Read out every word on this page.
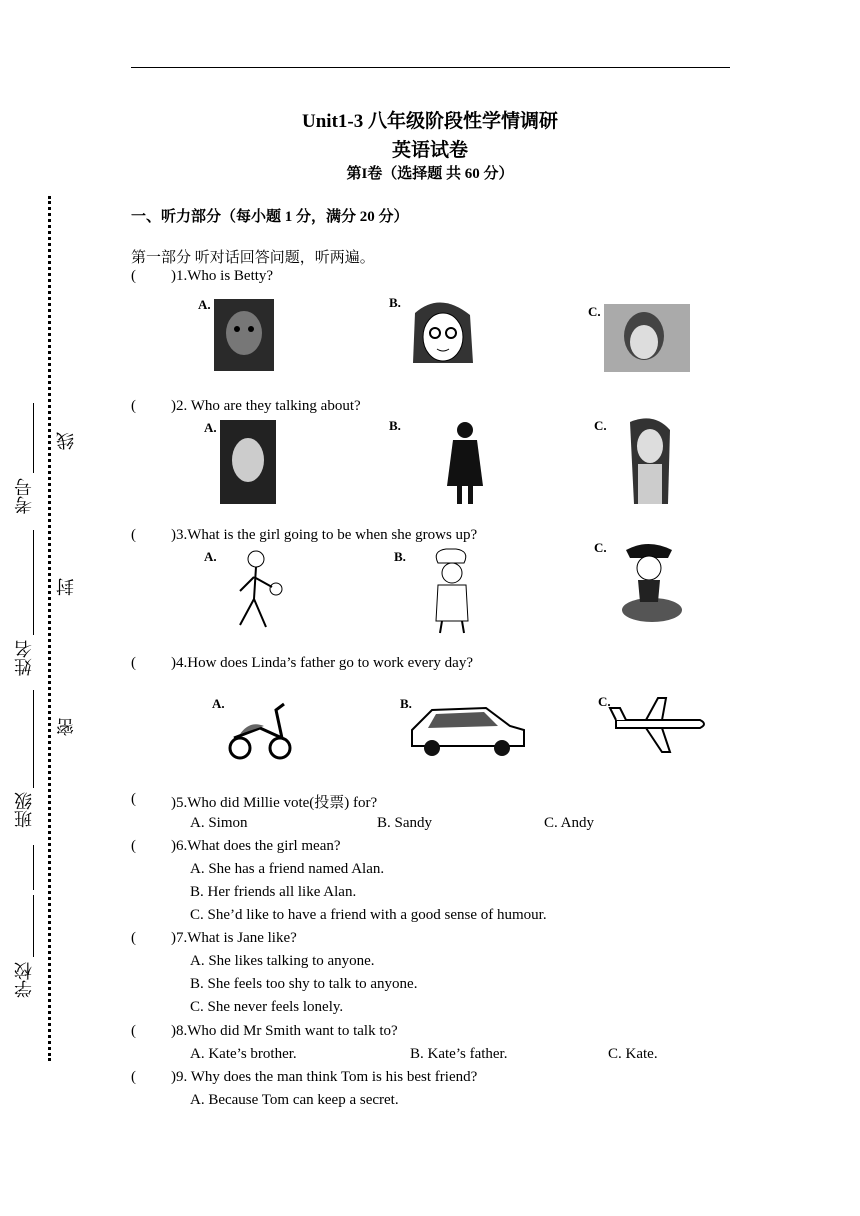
Unit1-3 八年级阶段性学情调研
英语试卷
第I卷（选择题 共 60 分）
学校
班级
密
姓名
封
考号
线
一、听力部分（每小题 1 分，满分 20 分）
第一部分 听对话回答问题，听两遍。
( )1.Who is Betty?
A.	B.
C.
( )2. Who are they talking about?
A.	B.	C.
( )3.What is the girl going to be when she grows up?
A.	B.
C.
( )4.How does Linda’s father go to work every day?
A.	B.	C.
( )5.Who did Millie vote(投票) for?
A. Simon	B. Sandy	C. Andy
( )6.What does the girl mean?
A. She has a friend named Alan.
B. Her friends all like Alan.
C. She’d like to have a friend with a good sense of humour.
( )7.What is Jane like?
A. She likes talking to anyone.
B. She feels too shy to talk to anyone.
C. She never feels lonely.
( )8.Who did Mr Smith want to talk to?
A. Kate’s brother.	B. Kate’s father.	C. Kate.
( )9. Why does the man think Tom is his best friend?
A. Because Tom can keep a secret.
